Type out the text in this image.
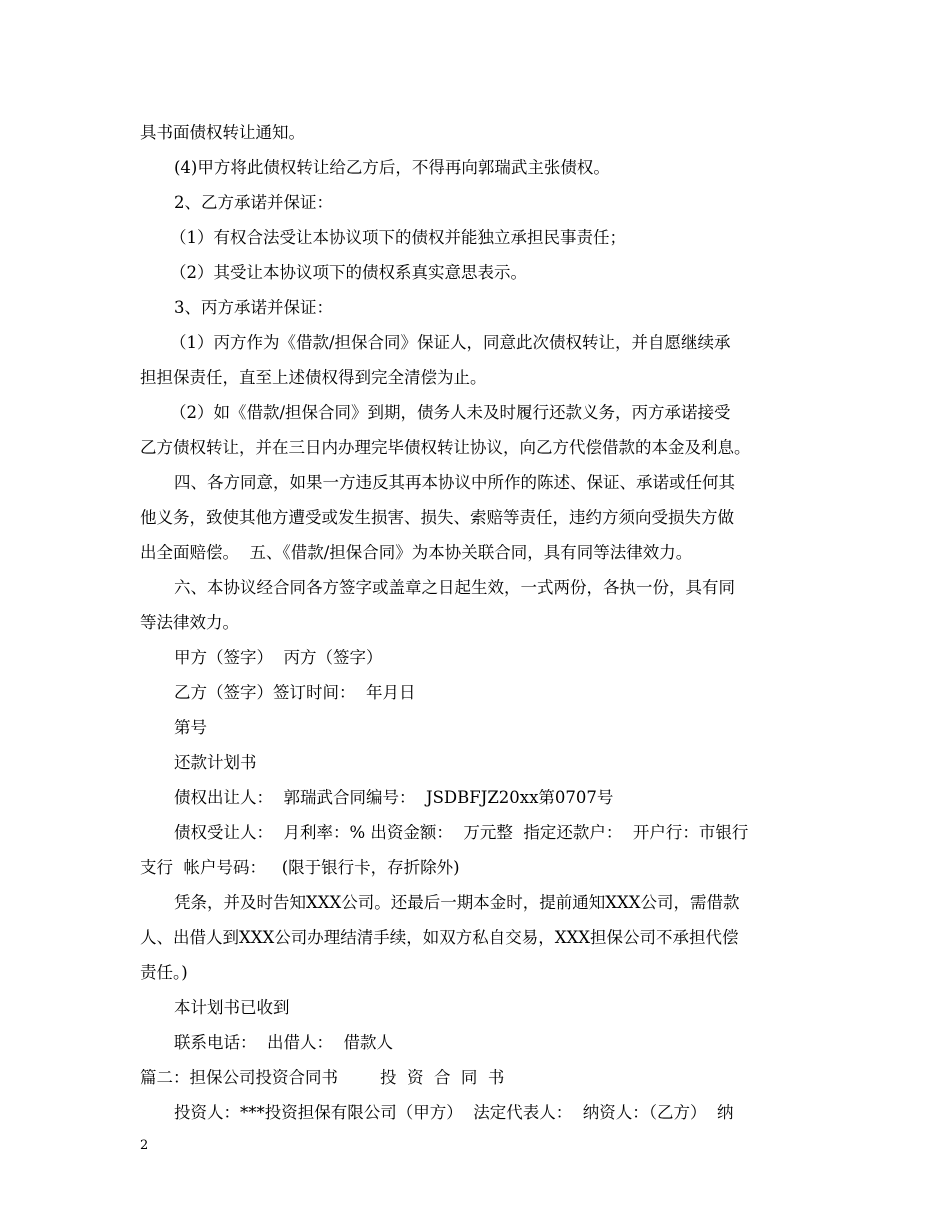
具书面债权转让通知。

(4)甲方将此债权转让给乙方后，不得再向郭瑞武主张债权。

2、乙方承诺并保证：

（1）有权合法受让本协议项下的债权并能独立承担民事责任；

（2）其受让本协议项下的债权系真实意思表示。

3、丙方承诺并保证：

（1）丙方作为《借款/担保合同》保证人，同意此次债权转让，并自愿继续承

担担保责任，直至上述债权得到完全清偿为止。

（2）如《借款/担保合同》到期，债务人未及时履行还款义务，丙方承诺接受

乙方债权转让，并在三日内办理完毕债权转让协议，向乙方代偿借款的本金及利息。

四、各方同意，如果一方违反其再本协议中所作的陈述、保证、承诺或任何其

他义务，致使其他方遭受或发生损害、损失、索赔等责任，违约方须向受损失方做

出全面赔偿。  五、《借款/担保合同》为本协关联合同，具有同等法律效力。

六、本协议经合同各方签字或盖章之日起生效，一式两份，各执一份，具有同

等法律效力。

甲方（签字）  丙方（签字）

乙方（签字）签订时间：  年月日

第号

还款计划书

债权出让人：  郭瑞武合同编号：  JSDBFJZ20xx第0707号

债权受让人：  月利率：% 出资金额：  万元整  指定还款户：  开户行：市银行

支行  帐户号码：   (限于银行卡，存折除外)

凭条，并及时告知XXX公司。还最后一期本金时，提前通知XXX公司，需借款

人、出借人到XXX公司办理结清手续，如双方私自交易，XXX担保公司不承担代偿

责任。)

本计划书已收到

联系电话：  出借人：  借款人

篇二：担保公司投资合同书        投  资  合  同  书

投资人：***投资担保有限公司（甲方）  法定代表人：  纳资人：（乙方）  纳

2
